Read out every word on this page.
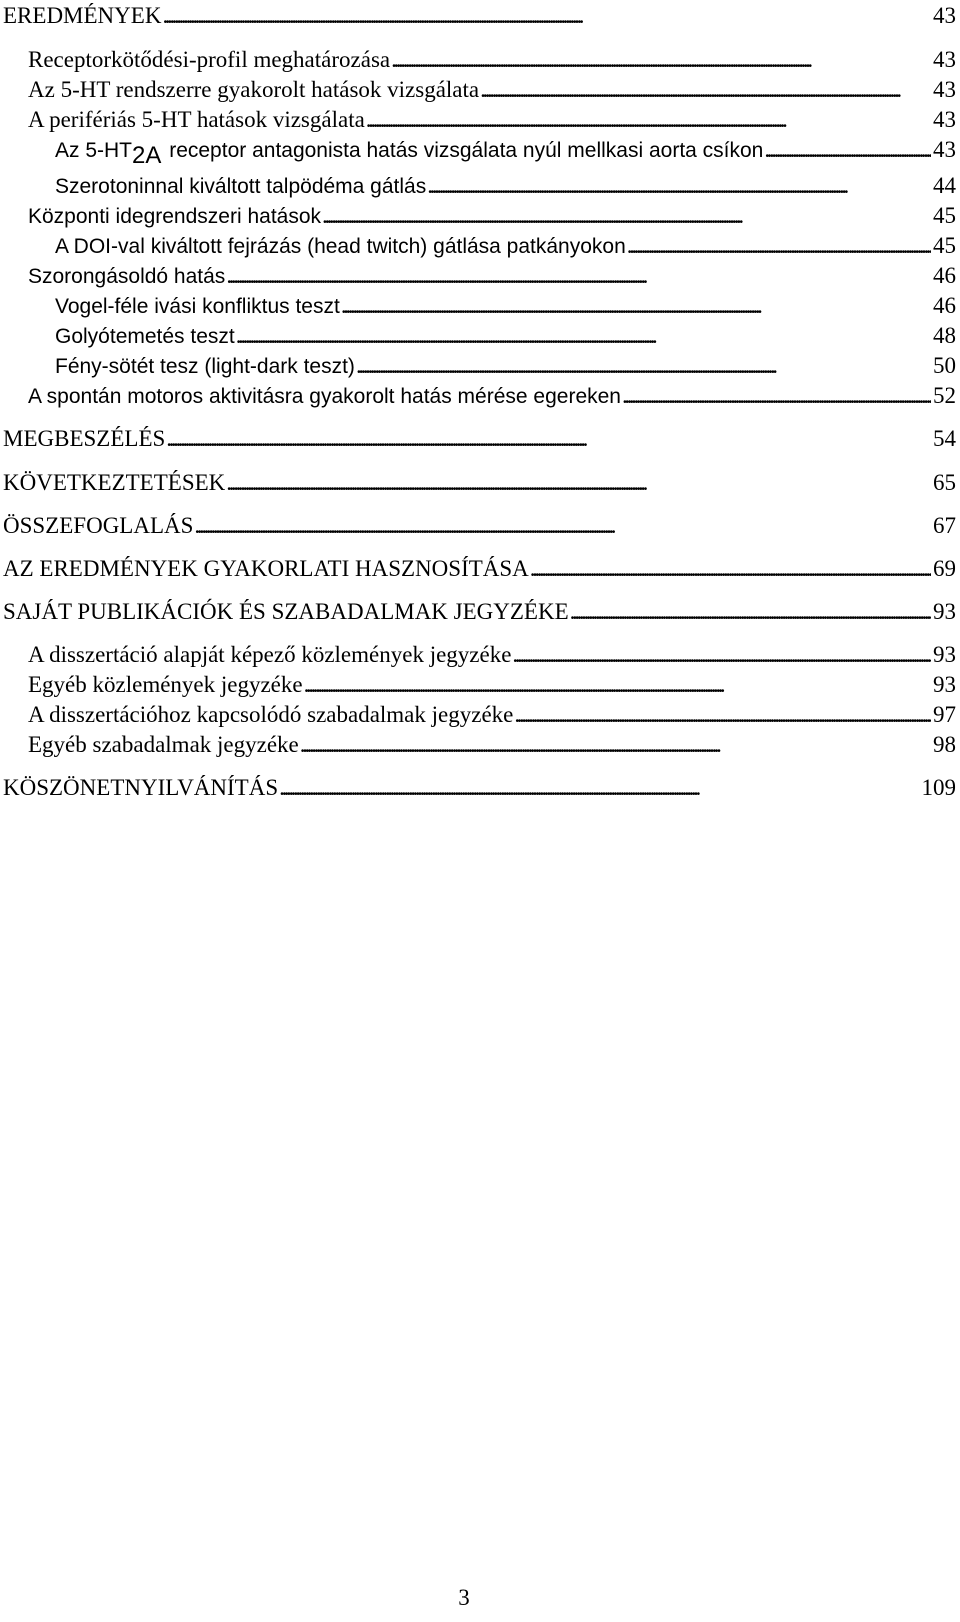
EREDMÉNYEK . . .	43
Receptorkötődési-profil meghatározása . . .	43
Az 5-HT rendszerre gyakorolt hatások vizsgálata . . .	43
A perifériás 5-HT hatások vizsgálata . . .	43
Az 5-HT2A receptor antagonista hatás vizsgálata nyúl mellkasi aorta csíkon . . .	43
Szerotoninnal kiváltott talpödéma gátlás . . .	44
Központi idegrendszeri hatások . . .	45
A DOI-val kiváltott fejrázás (head twitch) gátlása patkányokon . . .	45
Szorongásoldó hatás . . .	46
Vogel-féle ivási konfliktus teszt . . .	46
Golyótemetés teszt . . .	48
Fény-sötét tesz (light-dark teszt) . . .	50
A spontán motoros aktivitásra gyakorolt hatás mérése egereken . . .	52
MEGBESZÉLÉS . . .	54
KÖVETKEZTETÉSEK . . .	65
ÖSSZEFOGLALÁS . . .	67
AZ EREDMÉNYEK GYAKORLATI HASZNOSÍTÁSA . . .	69
SAJÁT PUBLIKÁCIÓK ÉS SZABADALMAK JEGYZÉKE . . .	93
A disszertáció alapját képező közlemények jegyzéke . . .	93
Egyéb közlemények jegyzéke . . .	93
A disszertációhoz kapcsolódó szabadalmak jegyzéke . . .	97
Egyéb szabadalmak jegyzéke . . .	98
KÖSZÖNETNYILVÁNÍTÁS . . .	109
3
